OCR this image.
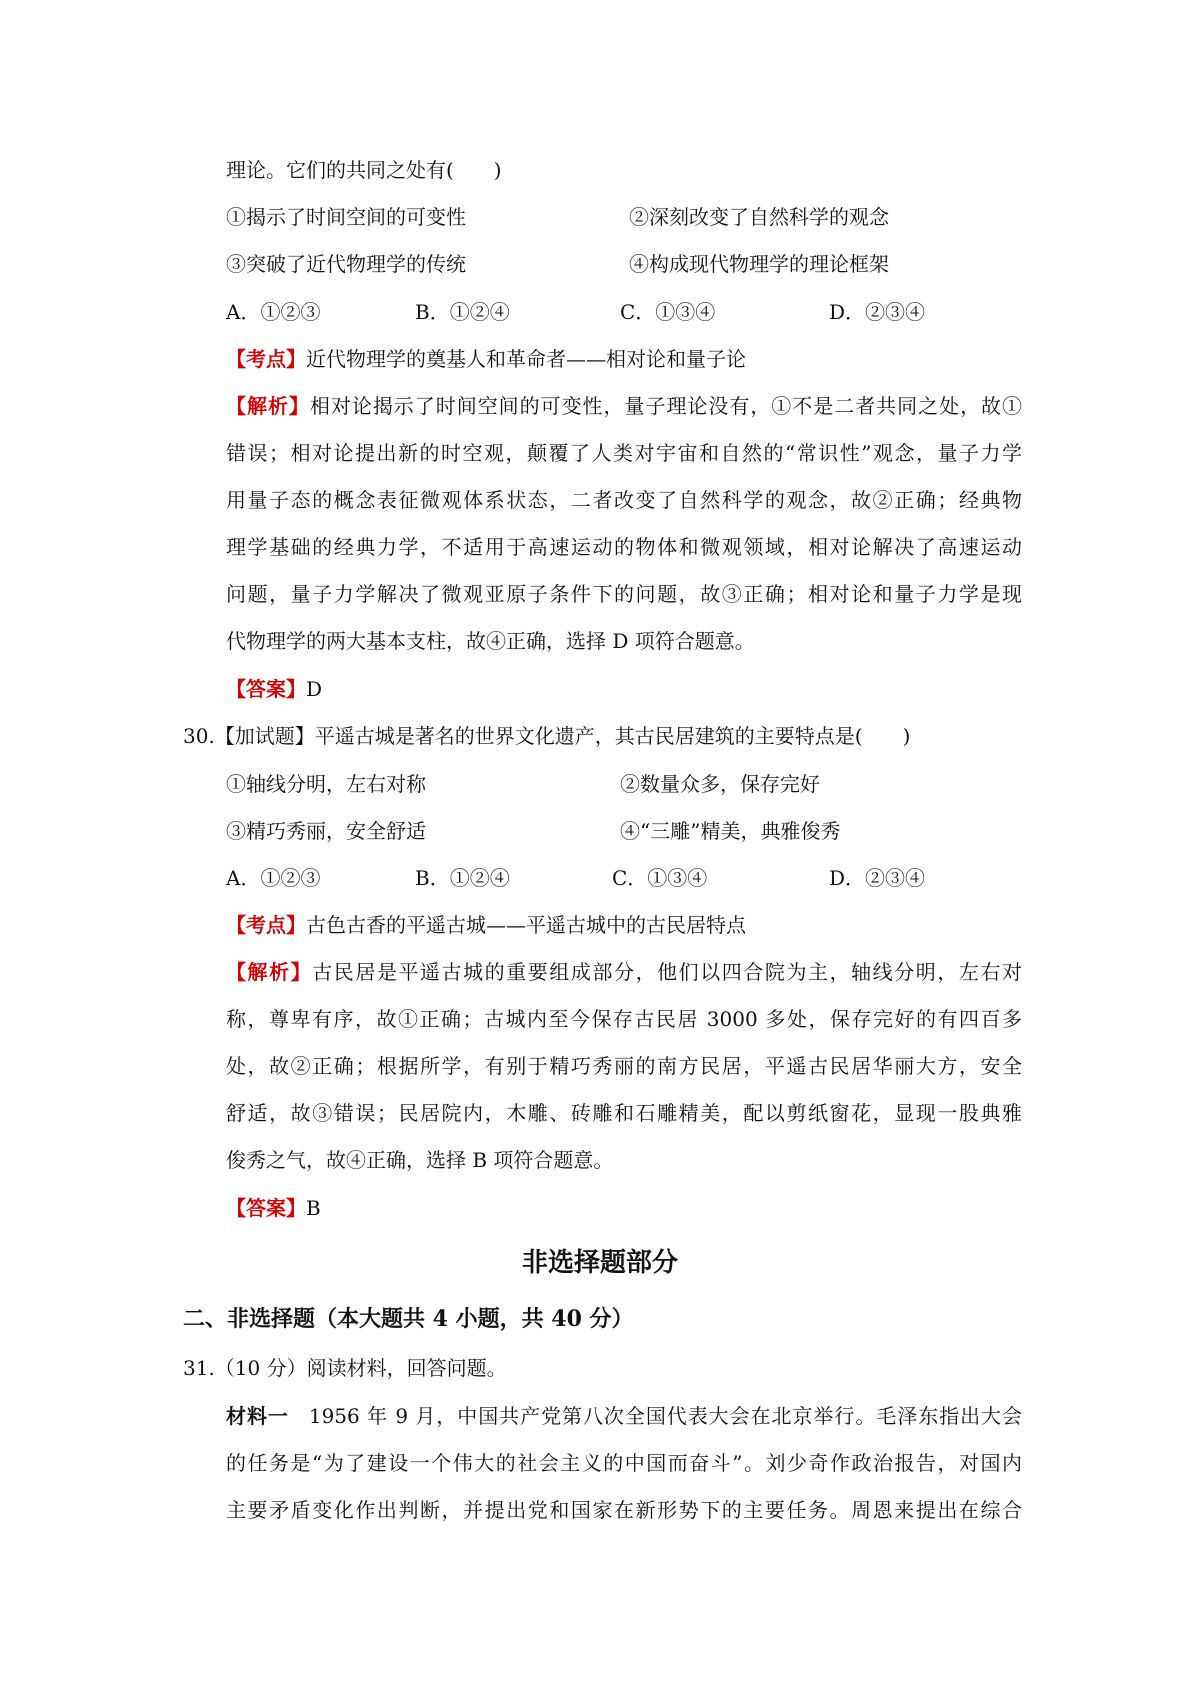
理论。它们的共同之处有(　　)
①揭示了时间空间的可变性	②深刻改变了自然科学的观念
③突破了近代物理学的传统	④构成现代物理学的理论框架
A．①②③	B．①②④	C．①③④	D．②③④
【考点】近代物理学的奠基人和革命者——相对论和量子论
【解析】相对论揭示了时间空间的可变性，量子理论没有，①不是二者共同之处，故①
错误；相对论提出新的时空观，颠覆了人类对宇宙和自然的“常识性”观念，量子力学
用量子态的概念表征微观体系状态，二者改变了自然科学的观念，故②正确；经典物
理学基础的经典力学，不适用于高速运动的物体和微观领域，相对论解决了高速运动
问题，量子力学解决了微观亚原子条件下的问题，故③正确；相对论和量子力学是现
代物理学的两大基本支柱，故④正确，选择 D 项符合题意。
【答案】D
30.【加试题】平遥古城是著名的世界文化遗产，其古民居建筑的主要特点是(　　)
①轴线分明，左右对称	②数量众多，保存完好
③精巧秀丽，安全舒适	④“三雕”精美，典雅俊秀
A．①②③	B．①②④	C．①③④	D．②③④
【考点】古色古香的平遥古城——平遥古城中的古民居特点
【解析】古民居是平遥古城的重要组成部分，他们以四合院为主，轴线分明，左右对
称，尊卑有序，故①正确；古城内至今保存古民居 3000 多处，保存完好的有四百多
处，故②正确；根据所学，有别于精巧秀丽的南方民居，平遥古民居华丽大方，安全
舒适，故③错误；民居院内，木雕、砖雕和石雕精美，配以剪纸窗花，显现一股典雅
俊秀之气，故④正确，选择 B 项符合题意。
【答案】B
非选择题部分
二、非选择题（本大题共 4 小题，共 40 分）
31.（10 分）阅读材料，回答问题。
材料一  1956 年 9 月，中国共产党第八次全国代表大会在北京举行。毛泽东指出大会
的任务是“为了建设一个伟大的社会主义的中国而奋斗”。刘少奇作政治报告，对国内
主要矛盾变化作出判断，并提出党和国家在新形势下的主要任务。周恩来提出在综合
